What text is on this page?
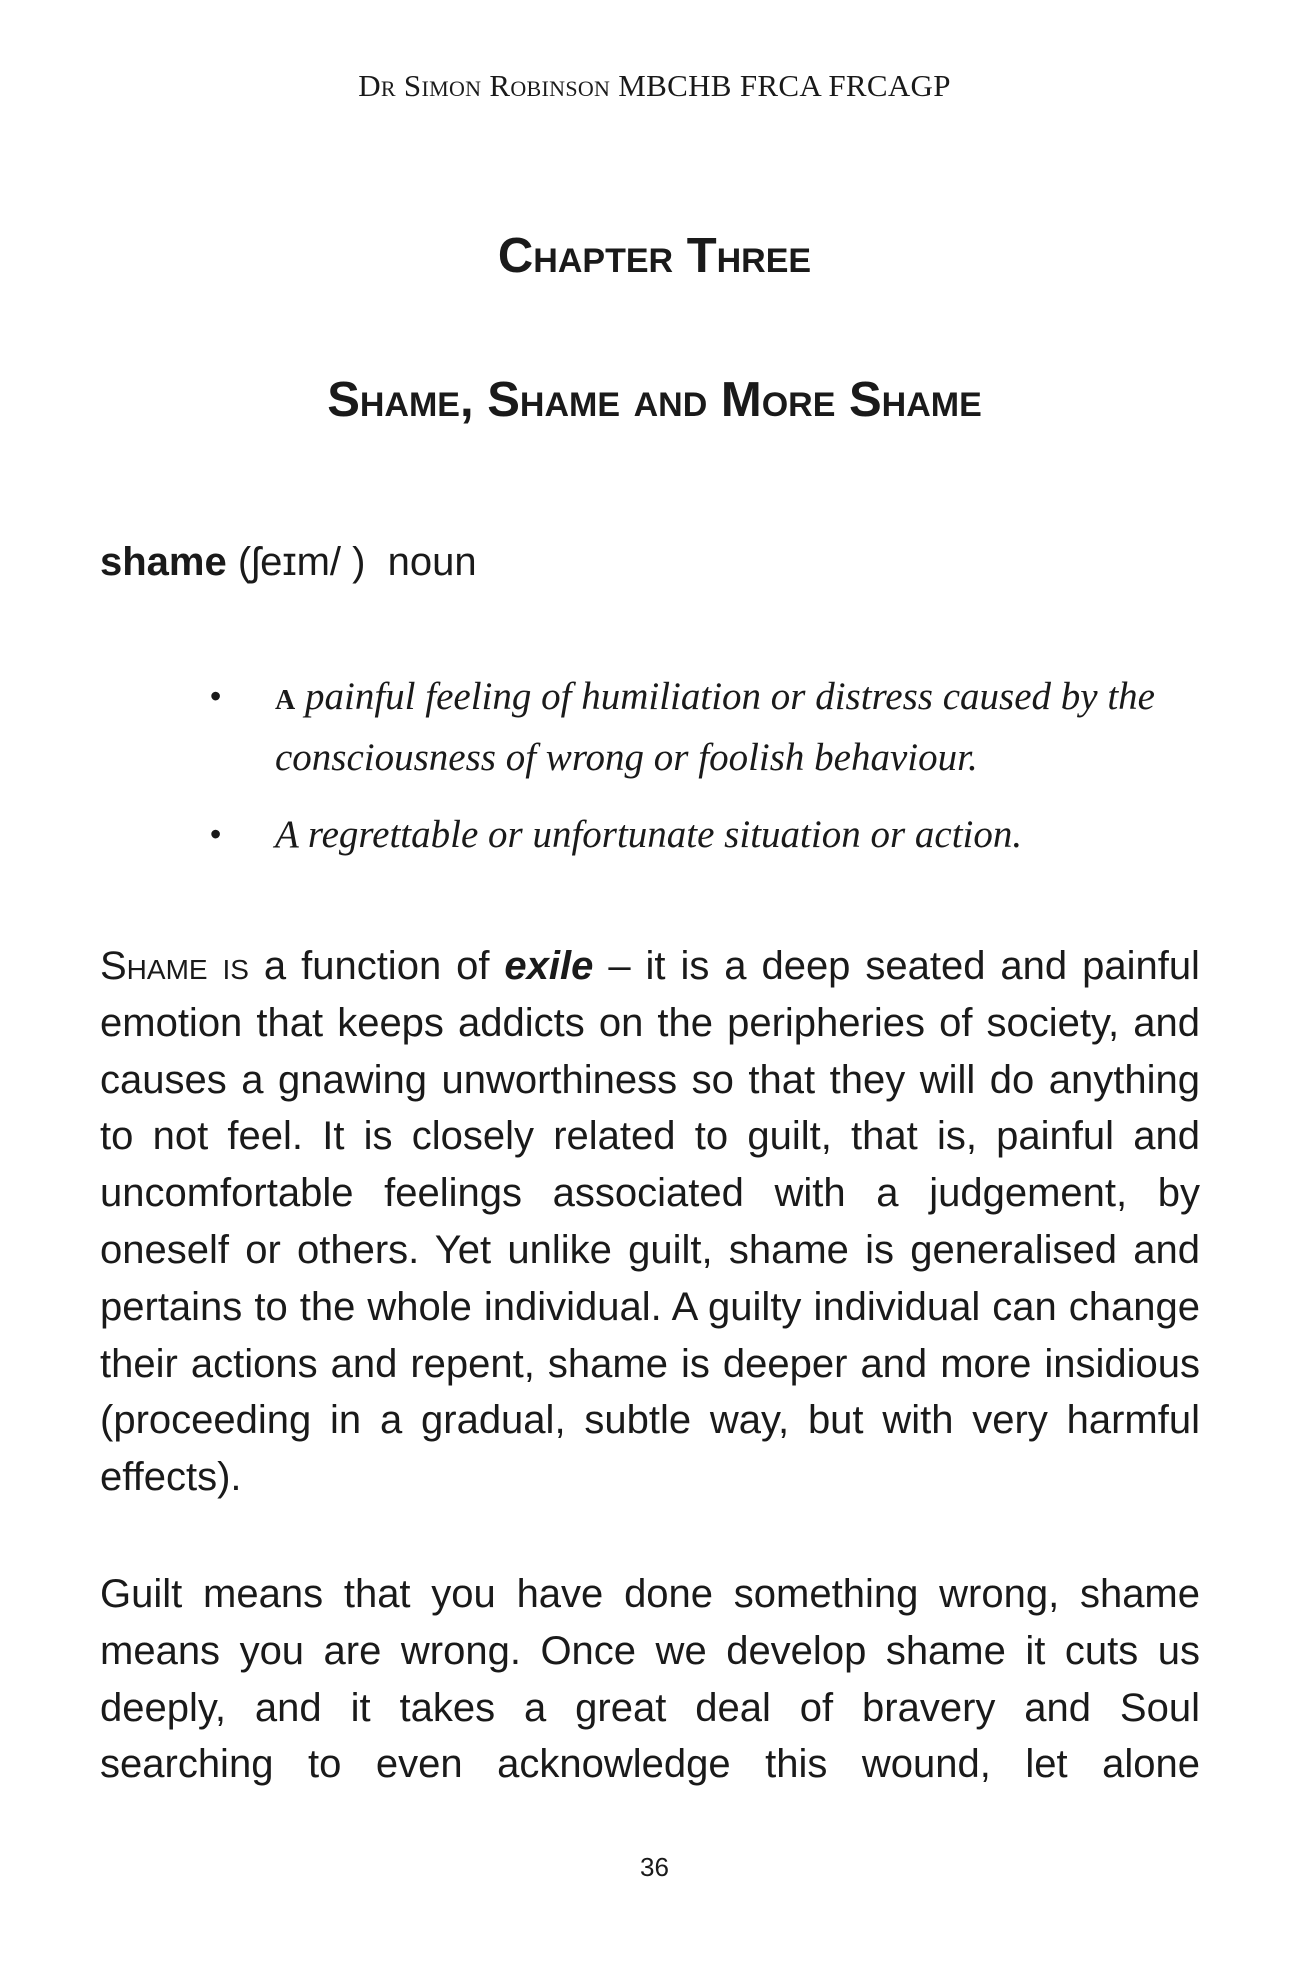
Dr Simon Robinson MBCHB FRCA FRCAGP
Chapter Three
Shame, Shame and More Shame
shame (ʃeɪm/ ) noun
• A painful feeling of humiliation or distress caused by the consciousness of wrong or foolish behaviour.
• A regrettable or unfortunate situation or action.

Shame is a function of exile – it is a deep seated and painful emotion that keeps addicts on the peripheries of society, and causes a gnawing unworthiness so that they will do anything to not feel. It is closely related to guilt, that is, painful and uncomfortable feelings associated with a judgement, by oneself or others. Yet unlike guilt, shame is generalised and pertains to the whole individual. A guilty individual can change their actions and repent, shame is deeper and more insidious (proceeding in a gradual, subtle way, but with very harmful effects).

Guilt means that you have done something wrong, shame means you are wrong. Once we develop shame it cuts us deeply, and it takes a great deal of bravery and Soul searching to even acknowledge this wound, let alone

36
